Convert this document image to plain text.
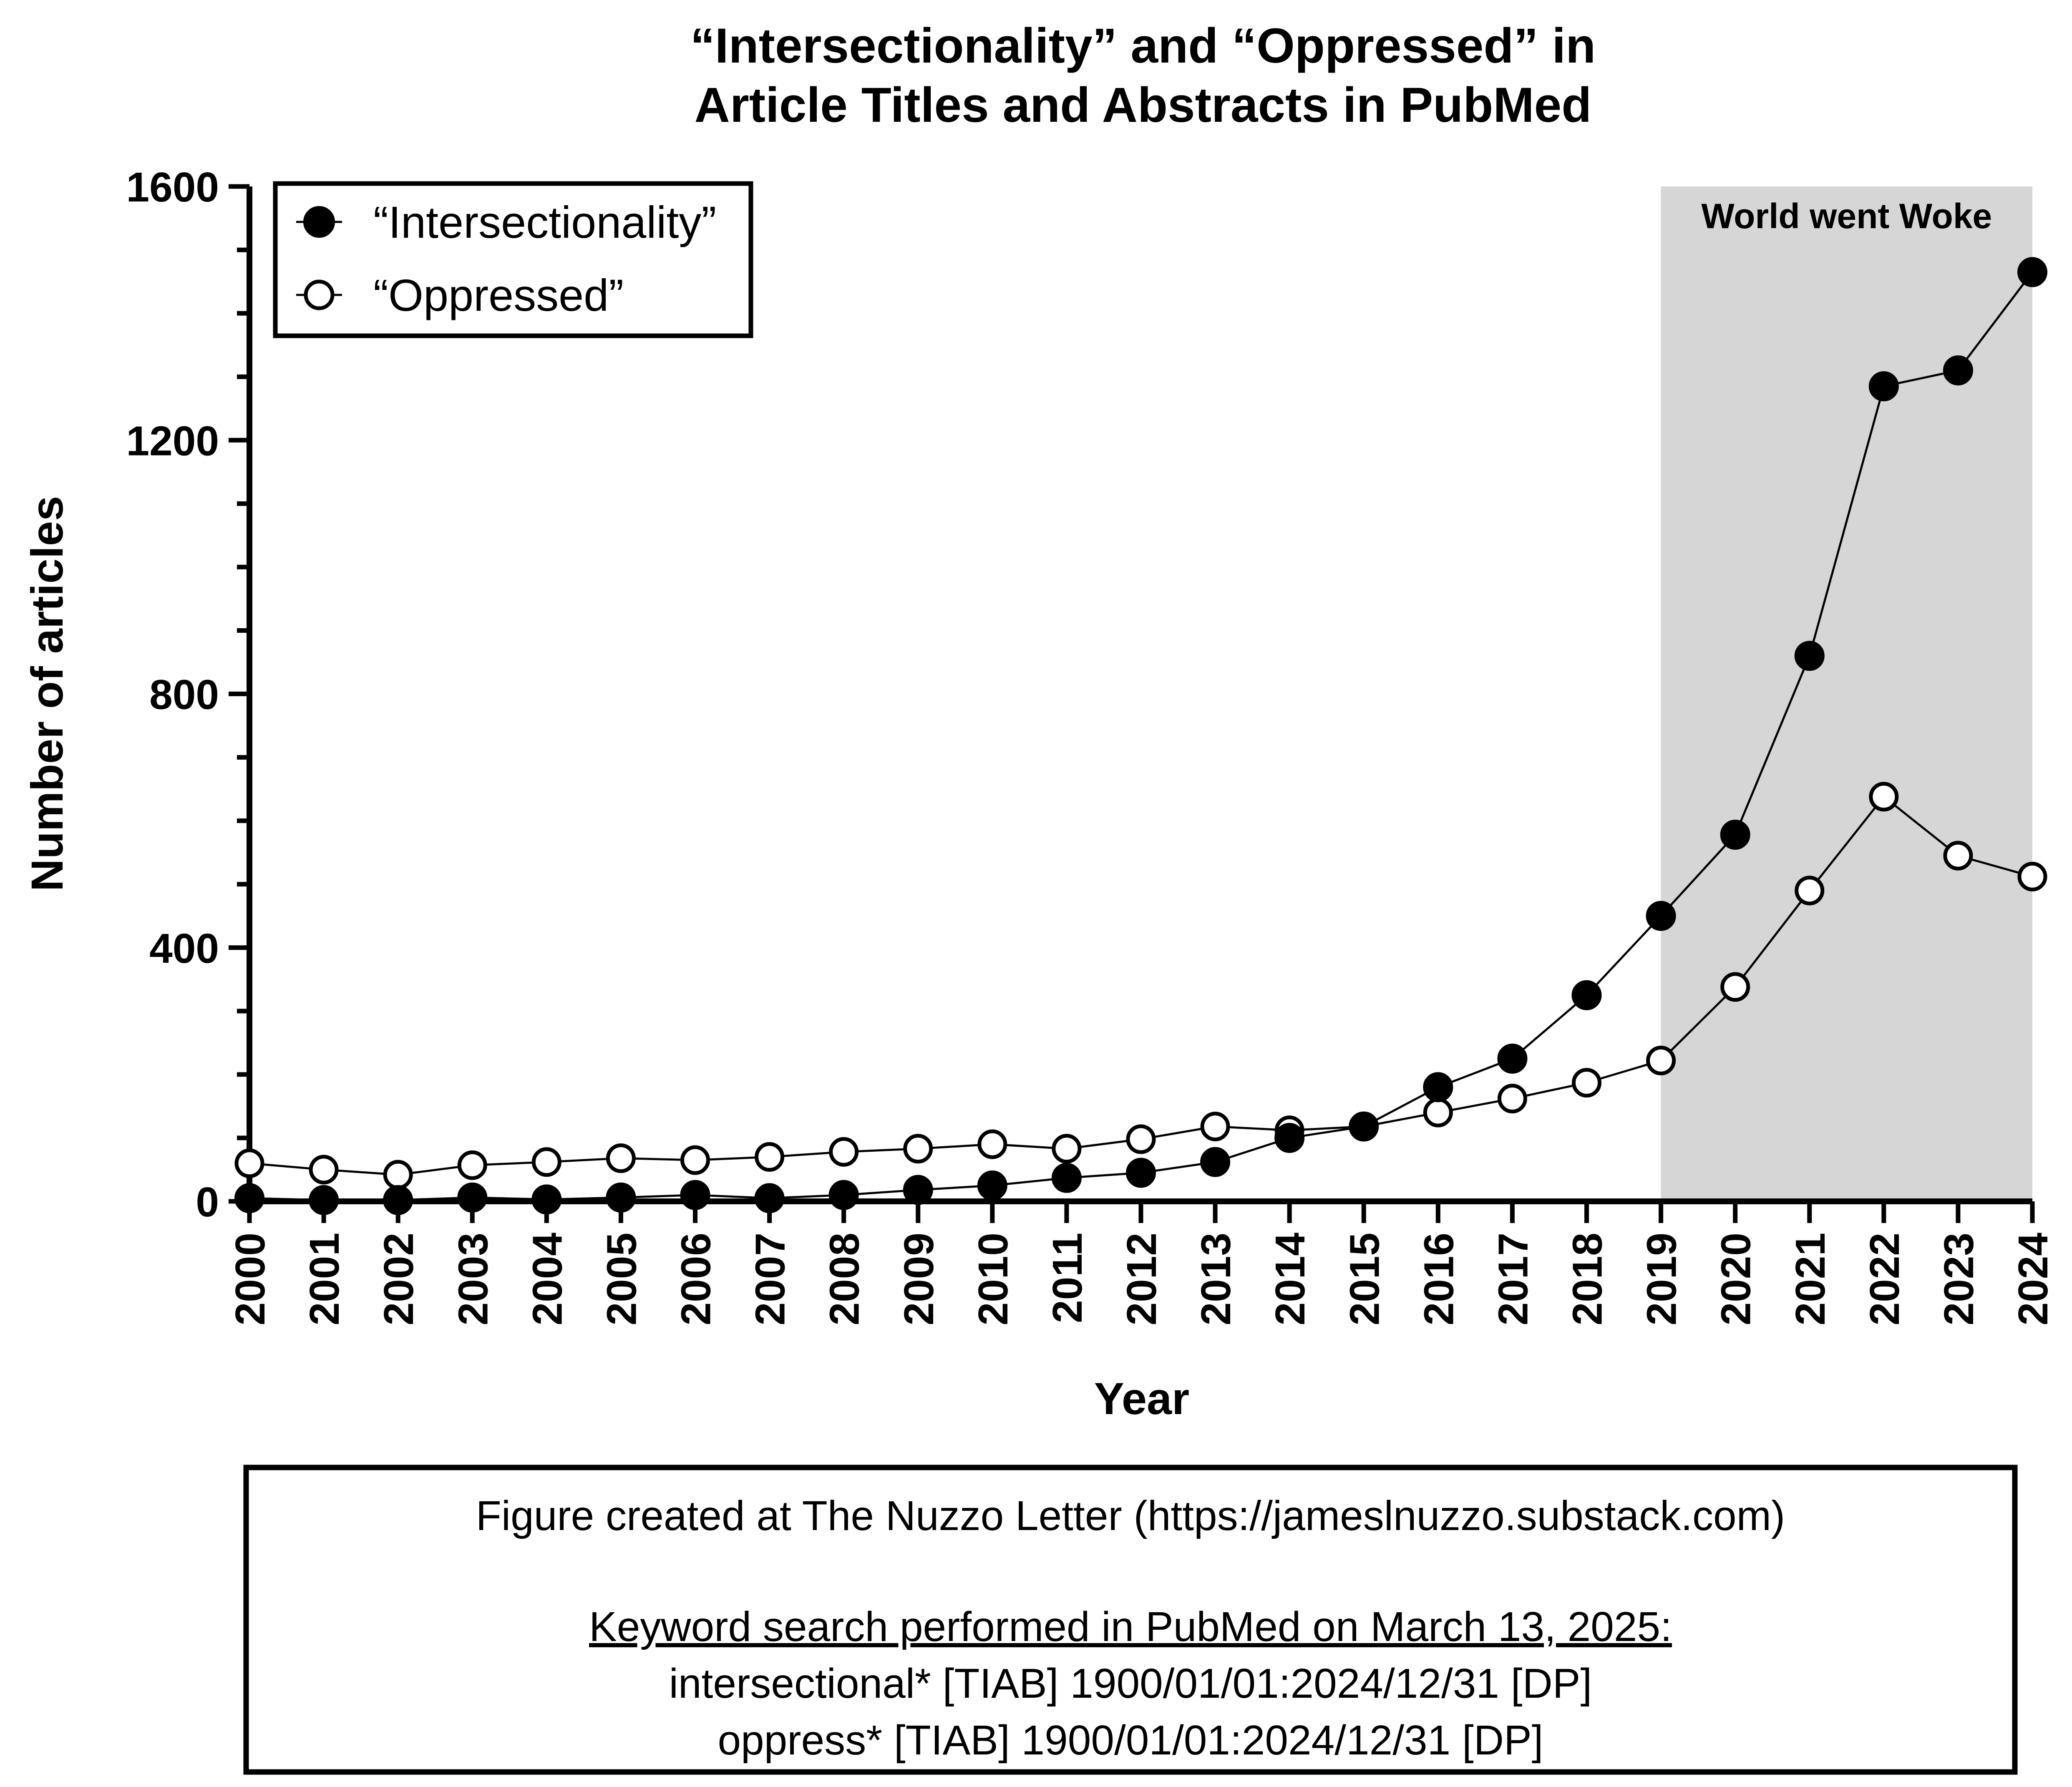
World went Woke
“Intersectionality” and “Oppressed” in
Article Titles and Abstracts in PubMed
0
400
800
1200
1600
2000 2001 2002 2003 2004 2005 2006 2007 2008 2009 2010 2011 2012 2013 2014 2015 2016 2017 2018 2019 2020 2021 2022 2023 2024
Number of articles
Year
“Intersectionality”
“Oppressed”
Figure created at The Nuzzo Letter (https://jameslnuzzo.substack.com)
Keyword search performed in PubMed on March 13, 2025:
intersectional* [TIAB] 1900/01/01:2024/12/31 [DP]
oppress* [TIAB] 1900/01/01:2024/12/31 [DP]
